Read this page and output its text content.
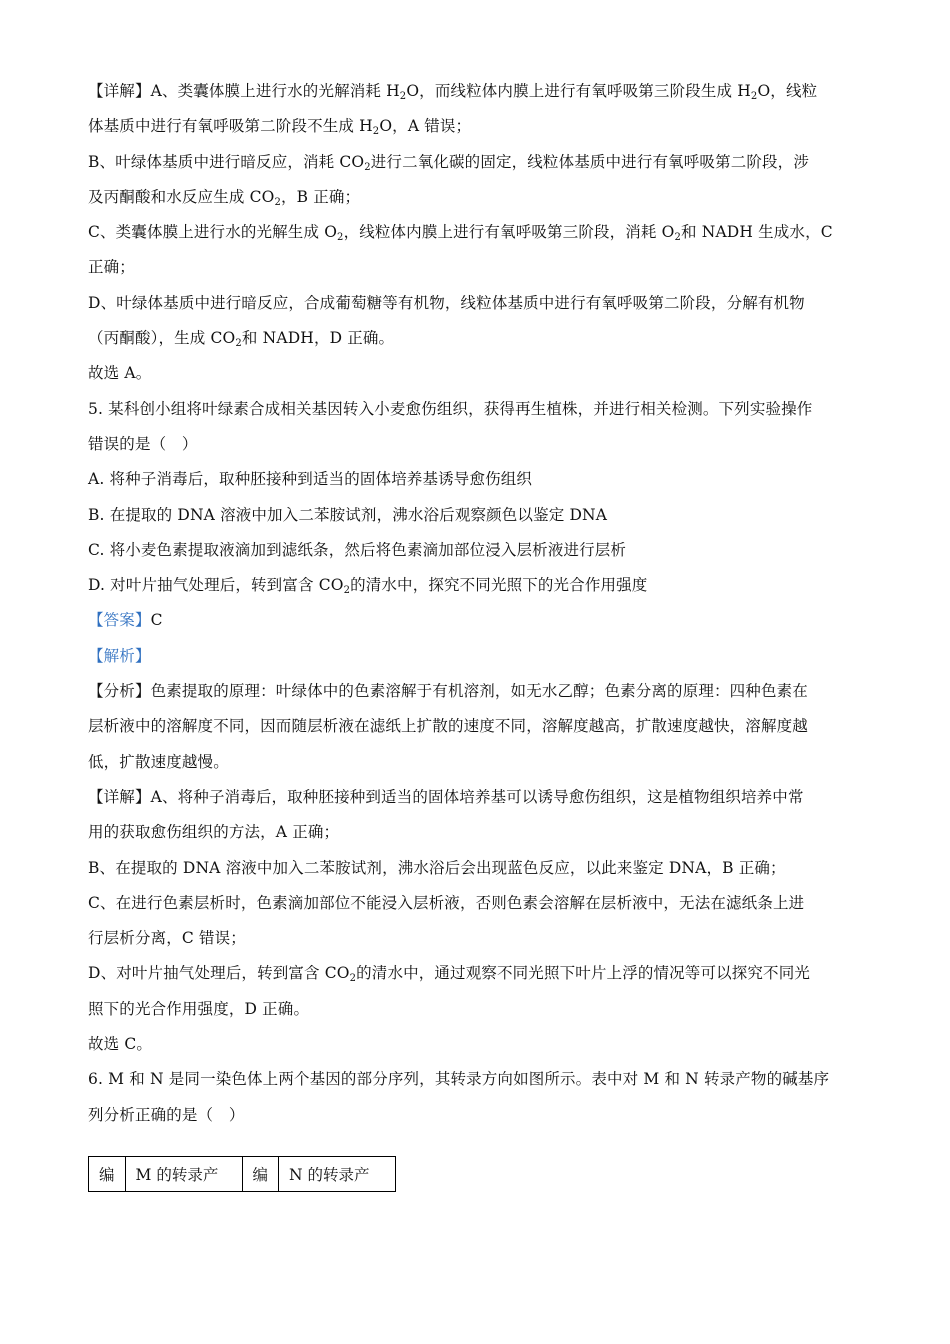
【详解】A、类囊体膜上进行水的光解消耗 $H_2O$，而线粒体内膜上进行有氧呼吸第三阶段生成 $H_2O$，线粒
体基质中进行有氧呼吸第二阶段不生成 $H_2O$，A 错误；
B、叶绿体基质中进行暗反应，消耗 $CO_2$进行二氧化碳的固定，线粒体基质中进行有氧呼吸第二阶段，涉
及丙酮酸和水反应生成 $CO_2$，B 正确；
C、类囊体膜上进行水的光解生成 $O_2$，线粒体内膜上进行有氧呼吸第三阶段，消耗 $O_2$和 NADH 生成水，C
正确；
D、叶绿体基质中进行暗反应，合成葡萄糖等有机物，线粒体基质中进行有氧呼吸第二阶段，分解有机物
（丙酮酸），生成 $CO_2$和 NADH，D 正确。
故选 A。
5. 某科创小组将叶绿素合成相关基因转入小麦愈伤组织，获得再生植株，并进行相关检测。下列实验操作
错误的是（　）
A. 将种子消毒后，取种胚接种到适当的固体培养基诱导愈伤组织
B. 在提取的 DNA 溶液中加入二苯胺试剂，沸水浴后观察颜色以鉴定 DNA
C. 将小麦色素提取液滴加到滤纸条，然后将色素滴加部位浸入层析液进行层析
D. 对叶片抽气处理后，转到富含 $CO_2$的清水中，探究不同光照下的光合作用强度
【答案】C
【解析】
【分析】色素提取的原理：叶绿体中的色素溶解于有机溶剂，如无水乙醇；色素分离的原理：四种色素在
层析液中的溶解度不同，因而随层析液在滤纸上扩散的速度不同，溶解度越高，扩散速度越快，溶解度越
低，扩散速度越慢。
【详解】A、将种子消毒后，取种胚接种到适当的固体培养基可以诱导愈伤组织，这是植物组织培养中常
用的获取愈伤组织的方法，A 正确；
B、在提取的 DNA 溶液中加入二苯胺试剂，沸水浴后会出现蓝色反应，以此来鉴定 DNA，B 正确；
C、在进行色素层析时，色素滴加部位不能浸入层析液，否则色素会溶解在层析液中，无法在滤纸条上进
行层析分离，C 错误；
D、对叶片抽气处理后，转到富含 $CO_2$的清水中，通过观察不同光照下叶片上浮的情况等可以探究不同光
照下的光合作用强度，D 正确。
故选 C。
6. M 和 N 是同一染色体上两个基因的部分序列，其转录方向如图所示。表中对 M 和 N 转录产物的碱基序
列分析正确的是（　）
编	M 的转录产	编	N 的转录产
